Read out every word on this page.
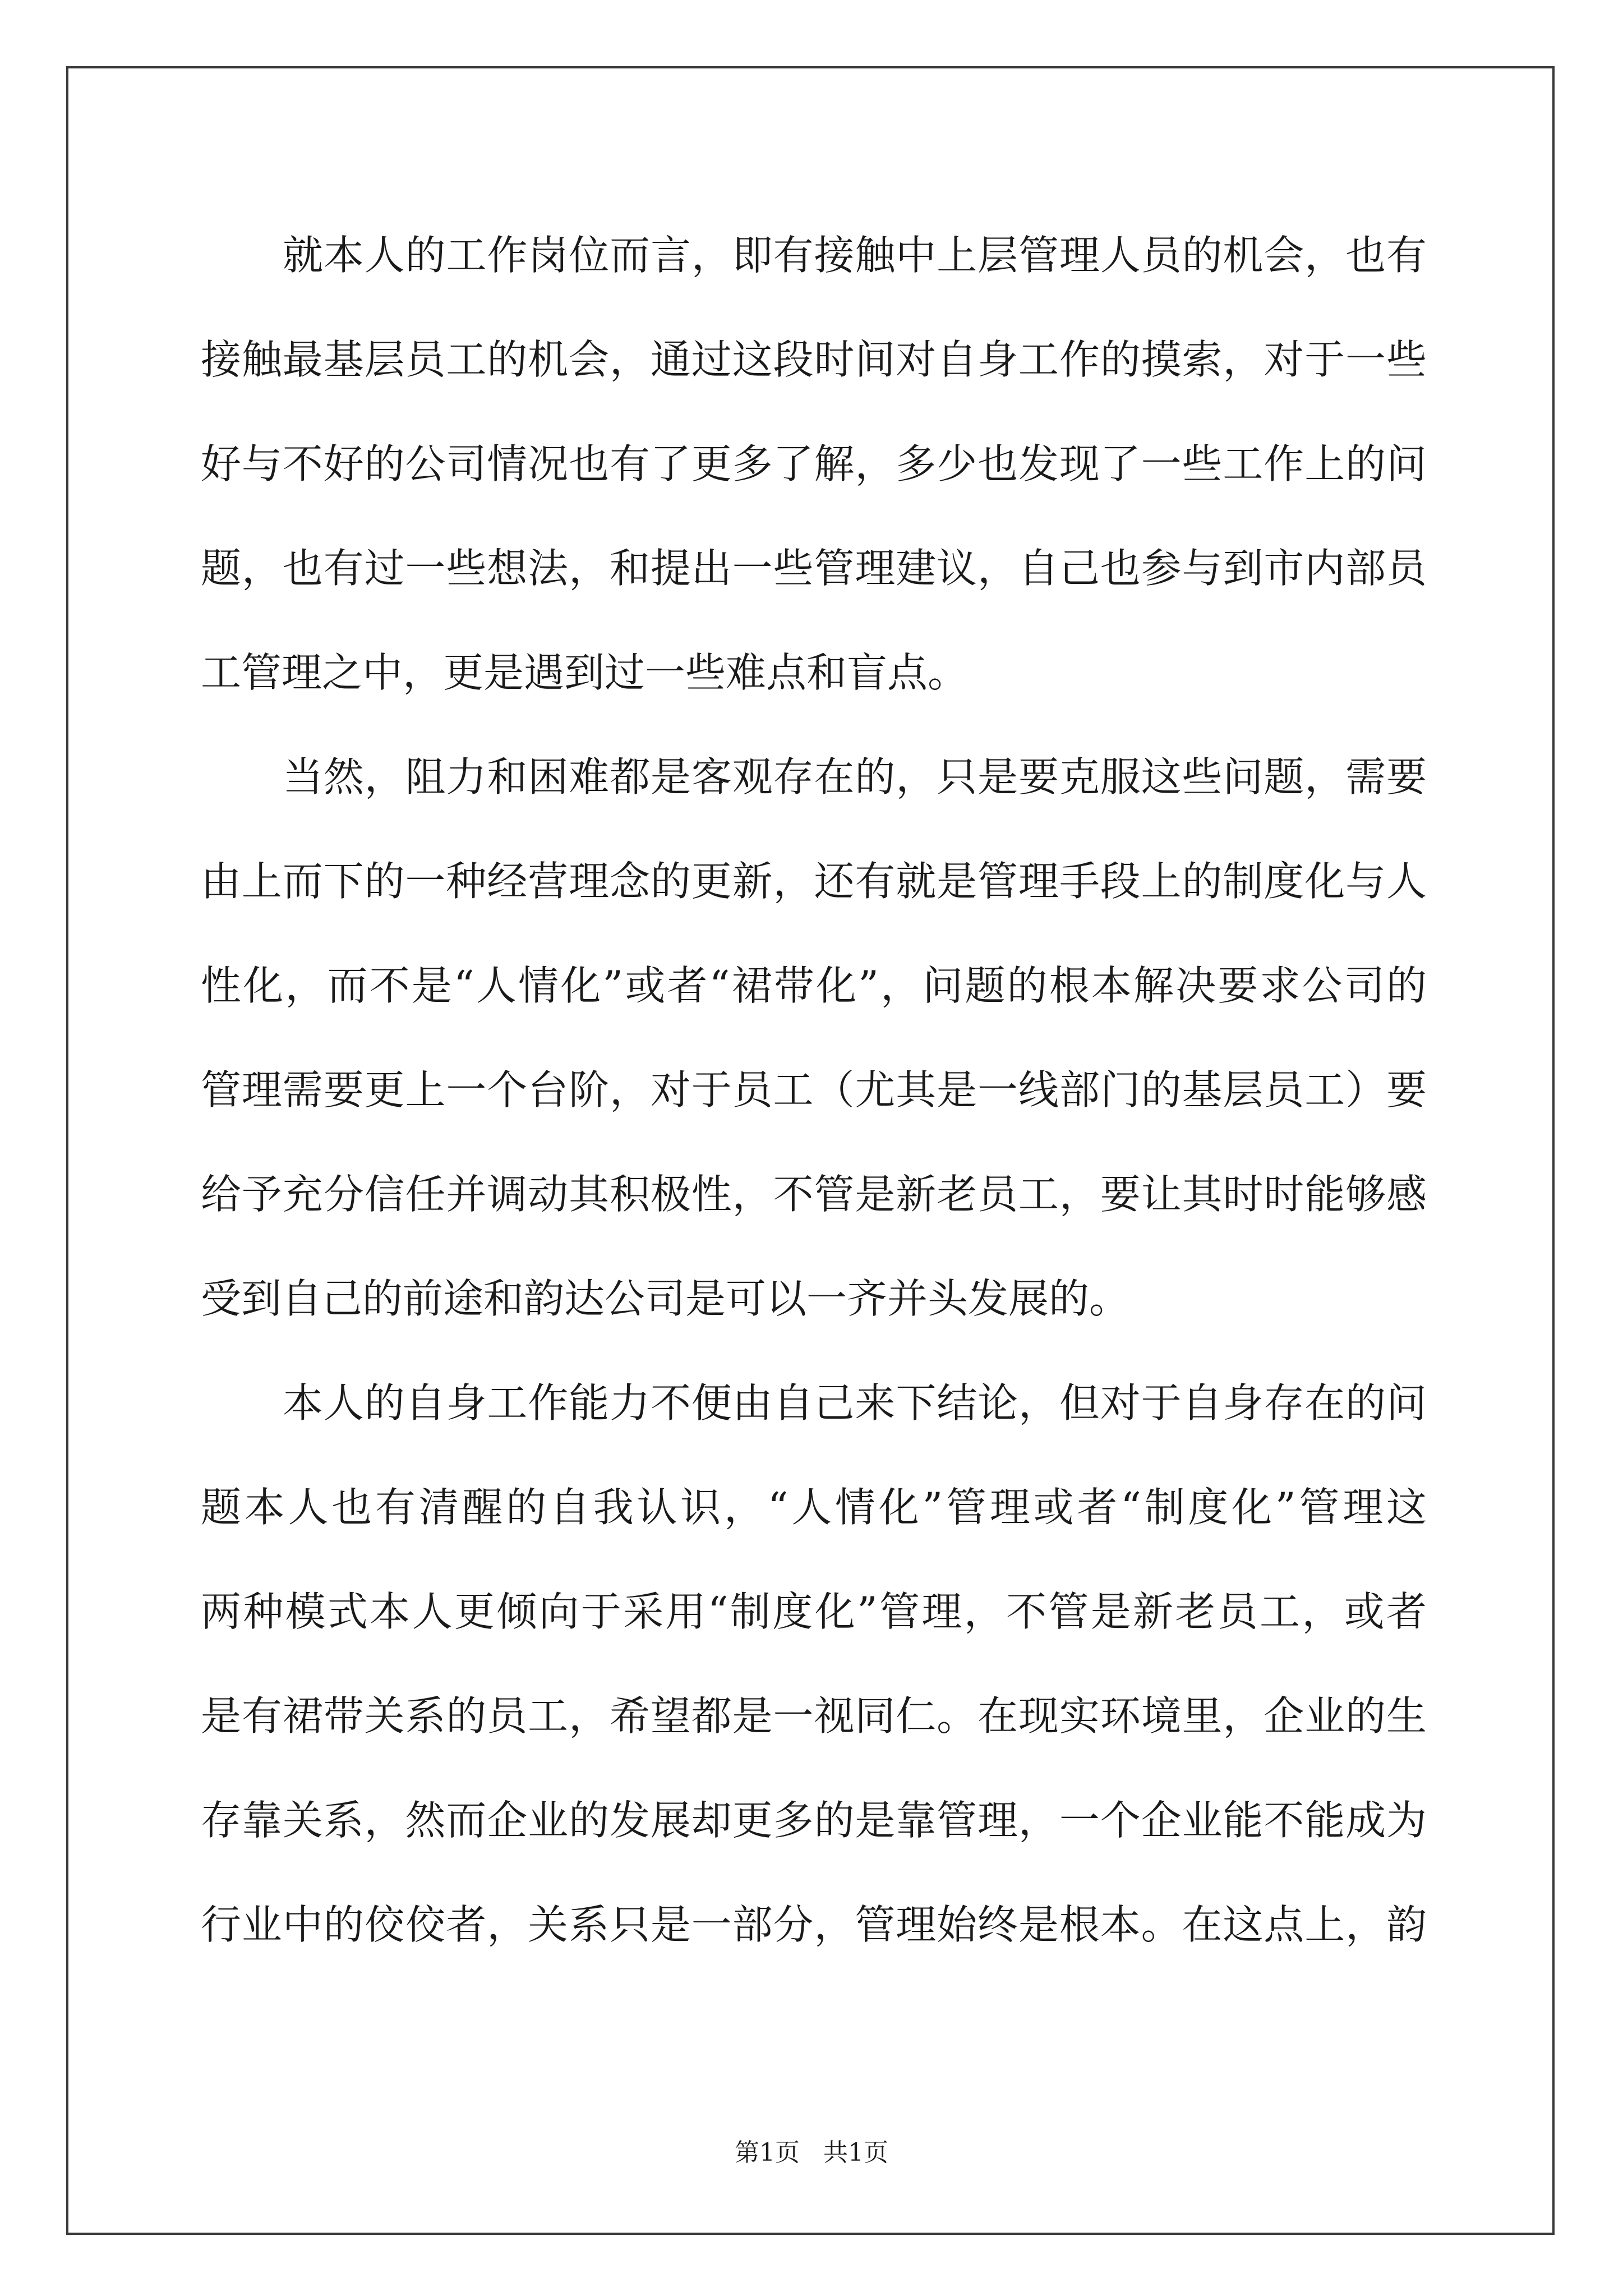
就本人的工作岗位而言，即有接触中上层管理人员的机会，也有
接触最基层员工的机会，通过这段时间对自身工作的摸索，对于一些
好与不好的公司情况也有了更多了解，多少也发现了一些工作上的问
题，也有过一些想法，和提出一些管理建议，自己也参与到市内部员
工管理之中，更是遇到过一些难点和盲点。
当然，阻力和困难都是客观存在的，只是要克服这些问题，需要
由上而下的一种经营理念的更新，还有就是管理手段上的制度化与人
性化，而不是“人情化”或者“裙带化”，问题的根本解决要求公司的
管理需要更上一个台阶，对于员工（尤其是一线部门的基层员工）要
给予充分信任并调动其积极性，不管是新老员工，要让其时时能够感
受到自己的前途和韵达公司是可以一齐并头发展的。
本人的自身工作能力不便由自己来下结论，但对于自身存在的问
题本人也有清醒的自我认识，“人情化”管理或者“制度化”管理这
两种模式本人更倾向于采用“制度化”管理，不管是新老员工，或者
是有裙带关系的员工，希望都是一视同仁。在现实环境里，企业的生
存靠关系，然而企业的发展却更多的是靠管理，一个企业能不能成为
行业中的佼佼者，关系只是一部分，管理始终是根本。在这点上，韵
第1页 共1页
